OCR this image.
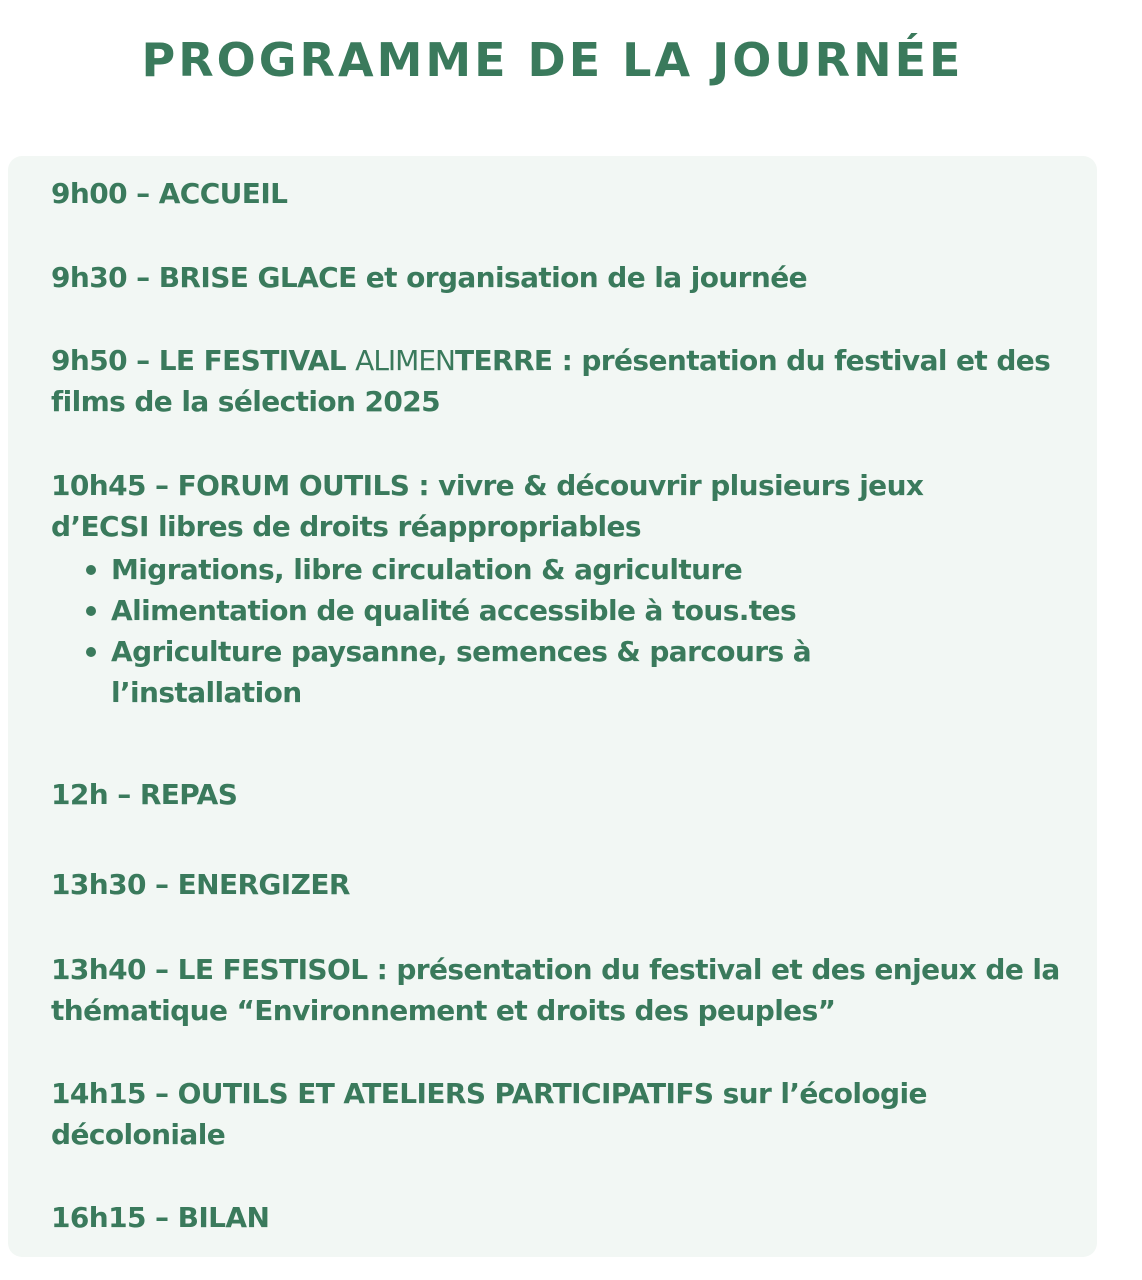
PROGRAMME DE LA JOURNÉE

9h00 – ACCUEIL

9h30 – BRISE GLACE et organisation de la journée

9h50 – LE FESTIVAL ALIMENTERRE : présentation du festival et des films de la sélection 2025

10h45 – FORUM OUTILS : vivre & découvrir plusieurs jeux d’ECSI libres de droits réappropriables

Migrations, libre circulation & agriculture
Alimentation de qualité accessible à tous.tes
Agriculture paysanne, semences & parcours à l’installation

12h – REPAS

13h30 – ENERGIZER

13h40 – LE FESTISOL : présentation du festival et des enjeux de la thématique “Environnement et droits des peuples”

14h15 – OUTILS ET ATELIERS PARTICIPATIFS sur l’écologie décoloniale

16h15 – BILAN
